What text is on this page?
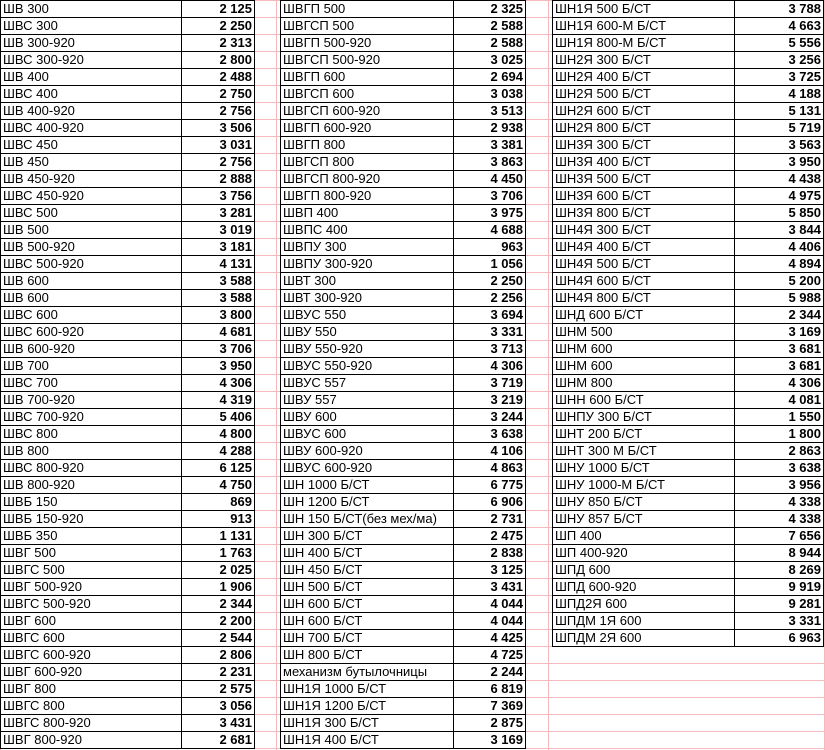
ШВ 300	2 125
ШВС 300	2 250
ШВ 300-920	2 313
ШВС 300-920	2 800
ШВ 400	2 488
ШВС 400	2 750
ШВ 400-920	2 756
ШВС 400-920	3 506
ШВС 450	3 031
ШВ 450	2 756
ШВ 450-920	2 888
ШВС 450-920	3 756
ШВС 500	3 281
ШВ 500	3 019
ШВ 500-920	3 181
ШВС 500-920	4 131
ШВ 600	3 588
ШВ 600	3 588
ШВС 600	3 800
ШВС 600-920	4 681
ШВ 600-920	3 706
ШВ 700	3 950
ШВС 700	4 306
ШВ 700-920	4 319
ШВС 700-920	5 406
ШВС 800	4 800
ШВ 800	4 288
ШВС 800-920	6 125
ШВ 800-920	4 750
ШВБ 150	869
ШВБ 150-920	913
ШВБ 350	1 131
ШВГ 500	1 763
ШВГС 500	2 025
ШВГ 500-920	1 906
ШВГС 500-920	2 344
ШВГ 600	2 200
ШВГС 600	2 544
ШВГС 600-920	2 806
ШВГ 600-920	2 231
ШВГ 800	2 575
ШВГС 800	3 056
ШВГС 800-920	3 431
ШВГ 800-920	2 681
ШВГП 500	2 325
ШВГСП 500	2 588
ШВГП 500-920	2 588
ШВГСП 500-920	3 025
ШВГП 600	2 694
ШВГСП 600	3 038
ШВГСП 600-920	3 513
ШВГП 600-920	2 938
ШВГП 800	3 381
ШВГСП 800	3 863
ШВГСП 800-920	4 450
ШВГП 800-920	3 706
ШВП 400	3 975
ШВПС 400	4 688
ШВПУ 300	963
ШВПУ 300-920	1 056
ШВТ 300	2 250
ШВТ 300-920	2 256
ШВУС 550	3 694
ШВУ 550	3 331
ШВУ 550-920	3 713
ШВУС 550-920	4 306
ШВУС 557	3 719
ШВУ 557	3 219
ШВУ 600	3 244
ШВУС 600	3 638
ШВУ 600-920	4 106
ШВУС 600-920	4 863
ШН 1000 Б/СТ	6 775
ШН 1200 Б/СТ	6 906
ШН 150 Б/СТ(без мех/ма)	2 731
ШН 300 Б/СТ	2 475
ШН 400 Б/СТ	2 838
ШН 450 Б/СТ	3 125
ШН 500 Б/СТ	3 431
ШН 600 Б/СТ	4 044
ШН 600 Б/СТ	4 044
ШН 700 Б/СТ	4 425
ШН 800 Б/СТ	4 725
механизм бутылочницы	2 244
ШН1Я 1000 Б/СТ	6 819
ШН1Я 1200 Б/СТ	7 369
ШН1Я 300 Б/СТ	2 875
ШН1Я 400 Б/СТ	3 169
ШН1Я 500 Б/СТ	3 788
ШН1Я 600-М Б/СТ	4 663
ШН1Я 800-М Б/СТ	5 556
ШН2Я 300 Б/СТ	3 256
ШН2Я 400 Б/СТ	3 725
ШН2Я 500 Б/СТ	4 188
ШН2Я 600 Б/СТ	5 131
ШН2Я 800 Б/СТ	5 719
ШН3Я 300 Б/СТ	3 563
ШН3Я 400 Б/СТ	3 950
ШН3Я 500 Б/СТ	4 438
ШН3Я 600 Б/СТ	4 975
ШН3Я 800 Б/СТ	5 850
ШН4Я 300 Б/СТ	3 844
ШН4Я 400 Б/СТ	4 406
ШН4Я 500 Б/СТ	4 894
ШН4Я 600 Б/СТ	5 200
ШН4Я 800 Б/СТ	5 988
ШНД 600 Б/СТ	2 344
ШНМ 500	3 169
ШНМ 600	3 681
ШНМ 600	3 681
ШНМ 800	4 306
ШНН 600 Б/СТ	4 081
ШНПУ 300 Б/СТ	1 550
ШНТ 200 Б/СТ	1 800
ШНТ 300 М Б/СТ	2 863
ШНУ 1000 Б/СТ	3 638
ШНУ 1000-М Б/СТ	3 956
ШНУ 850 Б/СТ	4 338
ШНУ 857 Б/СТ	4 338
ШП 400	7 656
ШП 400-920	8 944
ШПД 600	8 269
ШПД 600-920	9 919
ШПД2Я 600	9 281
ШПДМ 1Я 600	3 331
ШПДМ 2Я 600	6 963
